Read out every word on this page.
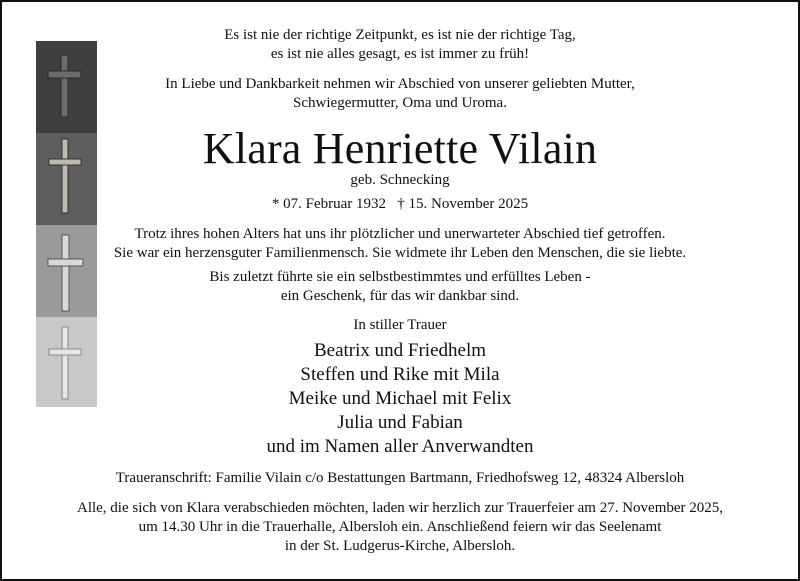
Es ist nie der richtige Zeitpunkt, es ist nie der richtige Tag,
es ist nie alles gesagt, es ist immer zu früh!
In Liebe und Dankbarkeit nehmen wir Abschied von unserer geliebten Mutter,
Schwiegermutter, Oma und Uroma.
Klara Henriette Vilain
geb. Schnecking
* 07. Februar 1932   † 15. November 2025
Trotz ihres hohen Alters hat uns ihr plötzlicher und unerwarteter Abschied tief getroffen.
Sie war ein herzensguter Familienmensch. Sie widmete ihr Leben den Menschen, die sie liebte.
Bis zuletzt führte sie ein selbstbestimmtes und erfülltes Leben -
ein Geschenk, für das wir dankbar sind.
In stiller Trauer
Beatrix und Friedhelm
Steffen und Rike mit Mila
Meike und Michael mit Felix
Julia und Fabian
und im Namen aller Anverwandten
Traueranschrift: Familie Vilain c/o Bestattungen Bartmann, Friedhofsweg 12, 48324 Albersloh
Alle, die sich von Klara verabschieden möchten, laden wir herzlich zur Trauerfeier am 27. November 2025,
um 14.30 Uhr in die Trauerhalle, Albersloh ein. Anschließend feiern wir das Seelenamt
in der St. Ludgerus-Kirche, Albersloh.
